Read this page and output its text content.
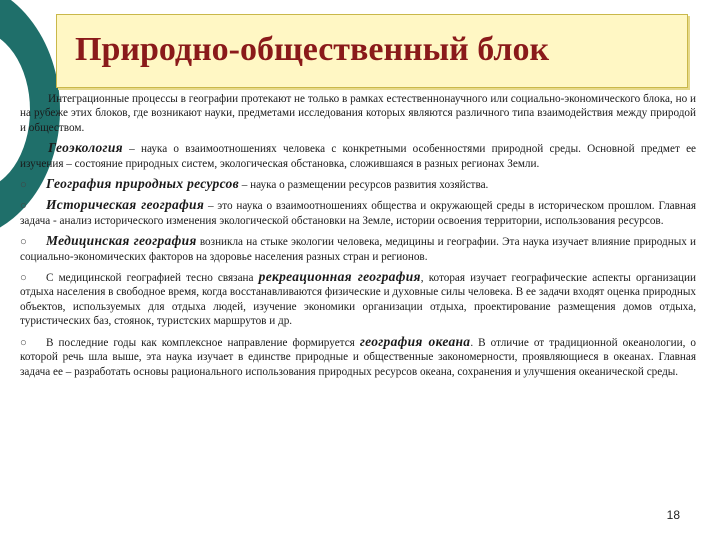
Природно-общественный блок

Интеграционные процессы в географии протекают не только в рамках естественнонаучного или социально-экономического блока, но и на рубеже этих блоков, где возникают науки, предметами исследования которых являются различного типа взаимодействия между природой и обществом.

Геоэкология – наука о взаимоотношениях человека с конкретными особенностями природной среды. Основной предмет ее изучения – состояние природных систем, экологическая обстановка, сложившаяся в разных регионах Земли.

○ География природных ресурсов – наука о размещении ресурсов развития хозяйства.

○ Историческая география – это наука о взаимоотношениях общества и окружающей среды в историческом прошлом. Главная задача - анализ исторического изменения экологической обстановки на Земле, истории освоения территории, использования ресурсов.

○ Медицинская география возникла на стыке экологии человека, медицины и географии. Эта наука изучает влияние природных и социально-экономических факторов на здоровье населения разных стран и регионов.

○ С медицинской географией тесно связана рекреационная география, которая изучает географические аспекты организации отдыха населения в свободное время, когда восстанавливаются физические и духовные силы человека. В ее задачи входят оценка природных объектов, используемых для отдыха людей, изучение экономики организации отдыха, проектирование размещения домов отдыха, туристических баз, стоянок, туристских маршрутов и др.

○ В последние годы как комплексное направление формируется география океана. В отличие от традиционной океанологии, о которой речь шла выше, эта наука изучает в единстве природные и общественные закономерности, проявляющиеся в океанах. Главная задача ее – разработать основы рационального использования природных ресурсов океана, сохранения и улучшения океанической среды.

18
